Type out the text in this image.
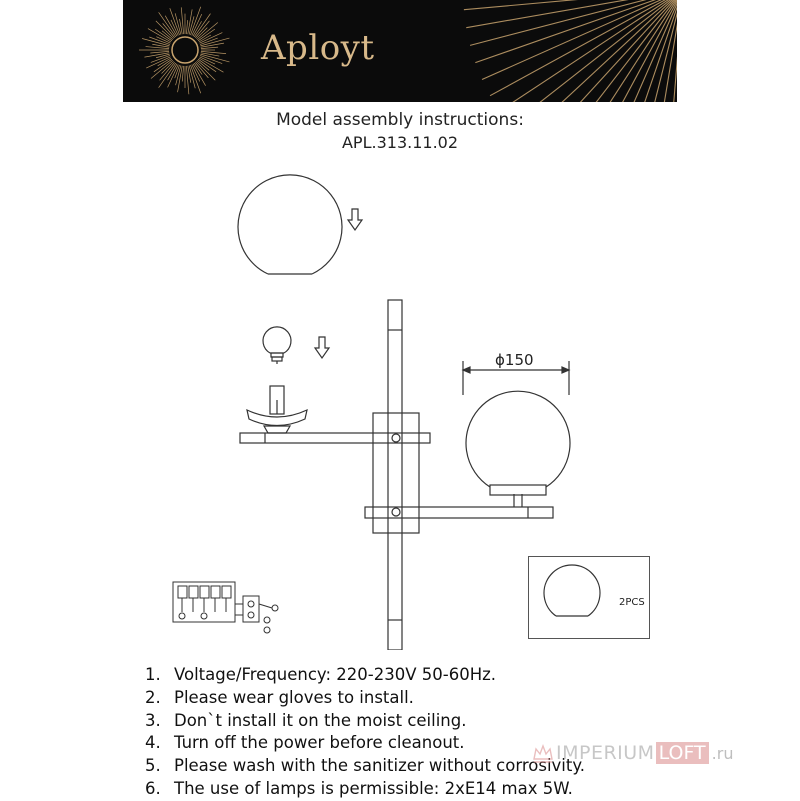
Aployt
Model assembly instructions:
APL.313.11.02
ϕ150
2PCS
1. Voltage/Frequency: 220-230V 50-60Hz.
2. Please wear gloves to install.
3. Don`t install it on the moist ceiling.
4. Turn off the power before cleanout.
5. Please wash with the sanitizer without corrosivity.
6. The use of lamps is permissible: 2xE14 max 5W.
IMPERIUM LOFT .ru
